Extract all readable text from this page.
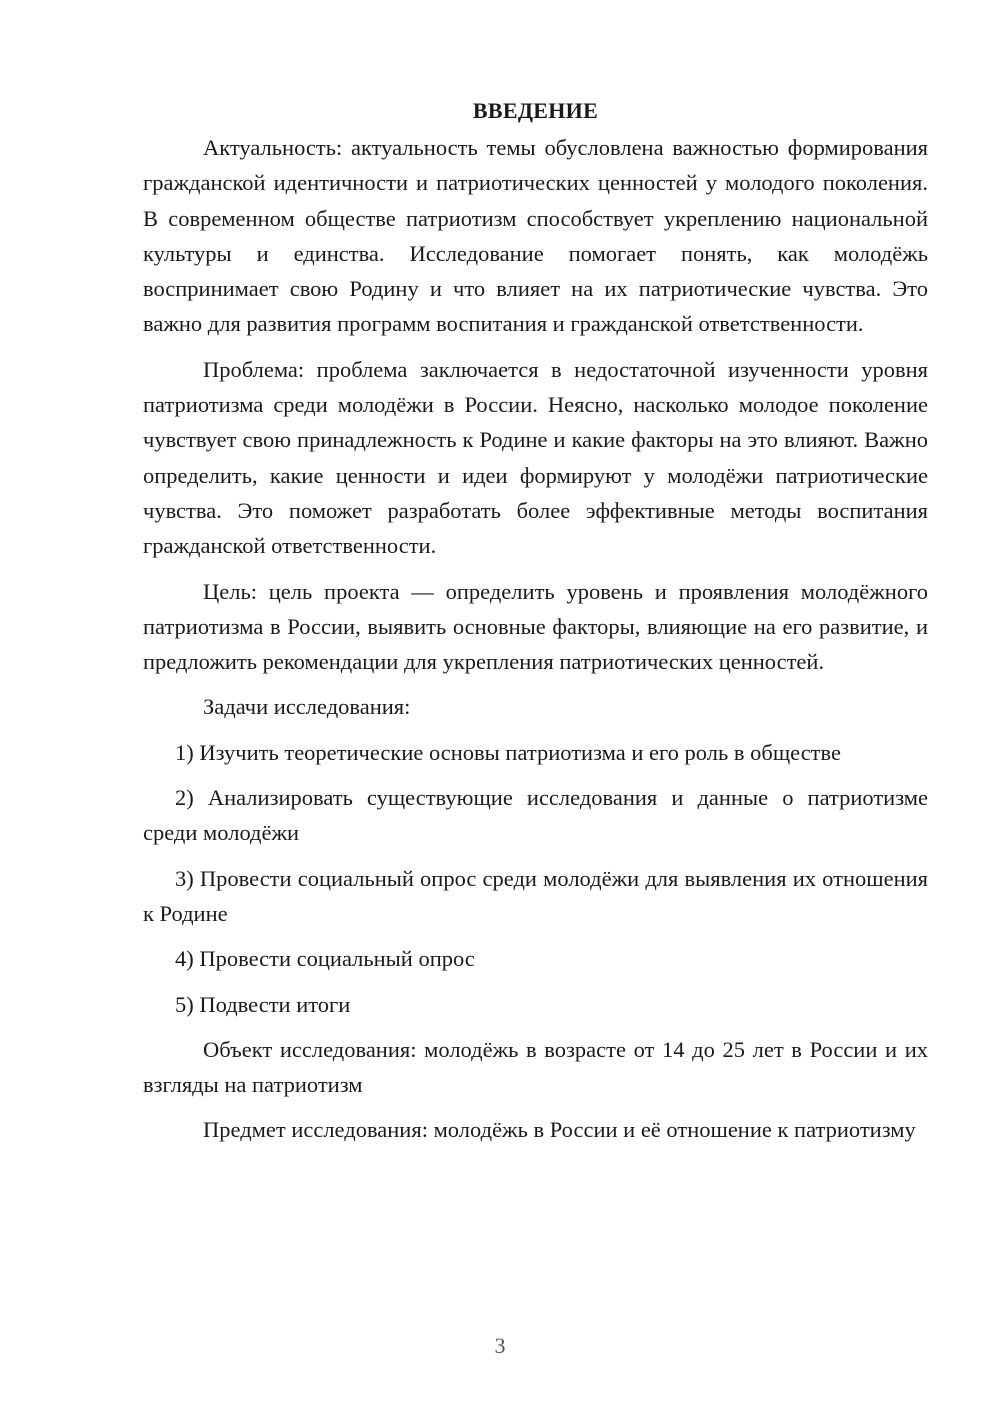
ВВЕДЕНИЕ

Актуальность: актуальность темы обусловлена важностью формирования гражданской идентичности и патриотических ценностей у молодого поколения. В современном обществе патриотизм способствует укреплению национальной культуры и единства. Исследование помогает понять, как молодёжь воспринимает свою Родину и что влияет на их патриотические чувства. Это важно для развития программ воспитания и гражданской ответственности.

Проблема: проблема заключается в недостаточной изученности уровня патриотизма среди молодёжи в России. Неясно, насколько молодое поколение чувствует свою принадлежность к Родине и какие факторы на это влияют. Важно определить, какие ценности и идеи формируют у молодёжи патриотические чувства. Это поможет разработать более эффективные методы воспитания гражданской ответственности.

Цель: цель проекта — определить уровень и проявления молодёжного патриотизма в России, выявить основные факторы, влияющие на его развитие, и предложить рекомендации для укрепления патриотических ценностей.

Задачи исследования:

1) Изучить теоретические основы патриотизма и его роль в обществе

2) Анализировать существующие исследования и данные о патриотизме среди молодёжи

3) Провести социальный опрос среди молодёжи для выявления их отношения к Родине

4) Провести социальный опрос

5) Подвести итоги

Объект исследования: молодёжь в возрасте от 14 до 25 лет в России и их взгляды на патриотизм

Предмет исследования: молодёжь в России и её отношение к патриотизму

3
